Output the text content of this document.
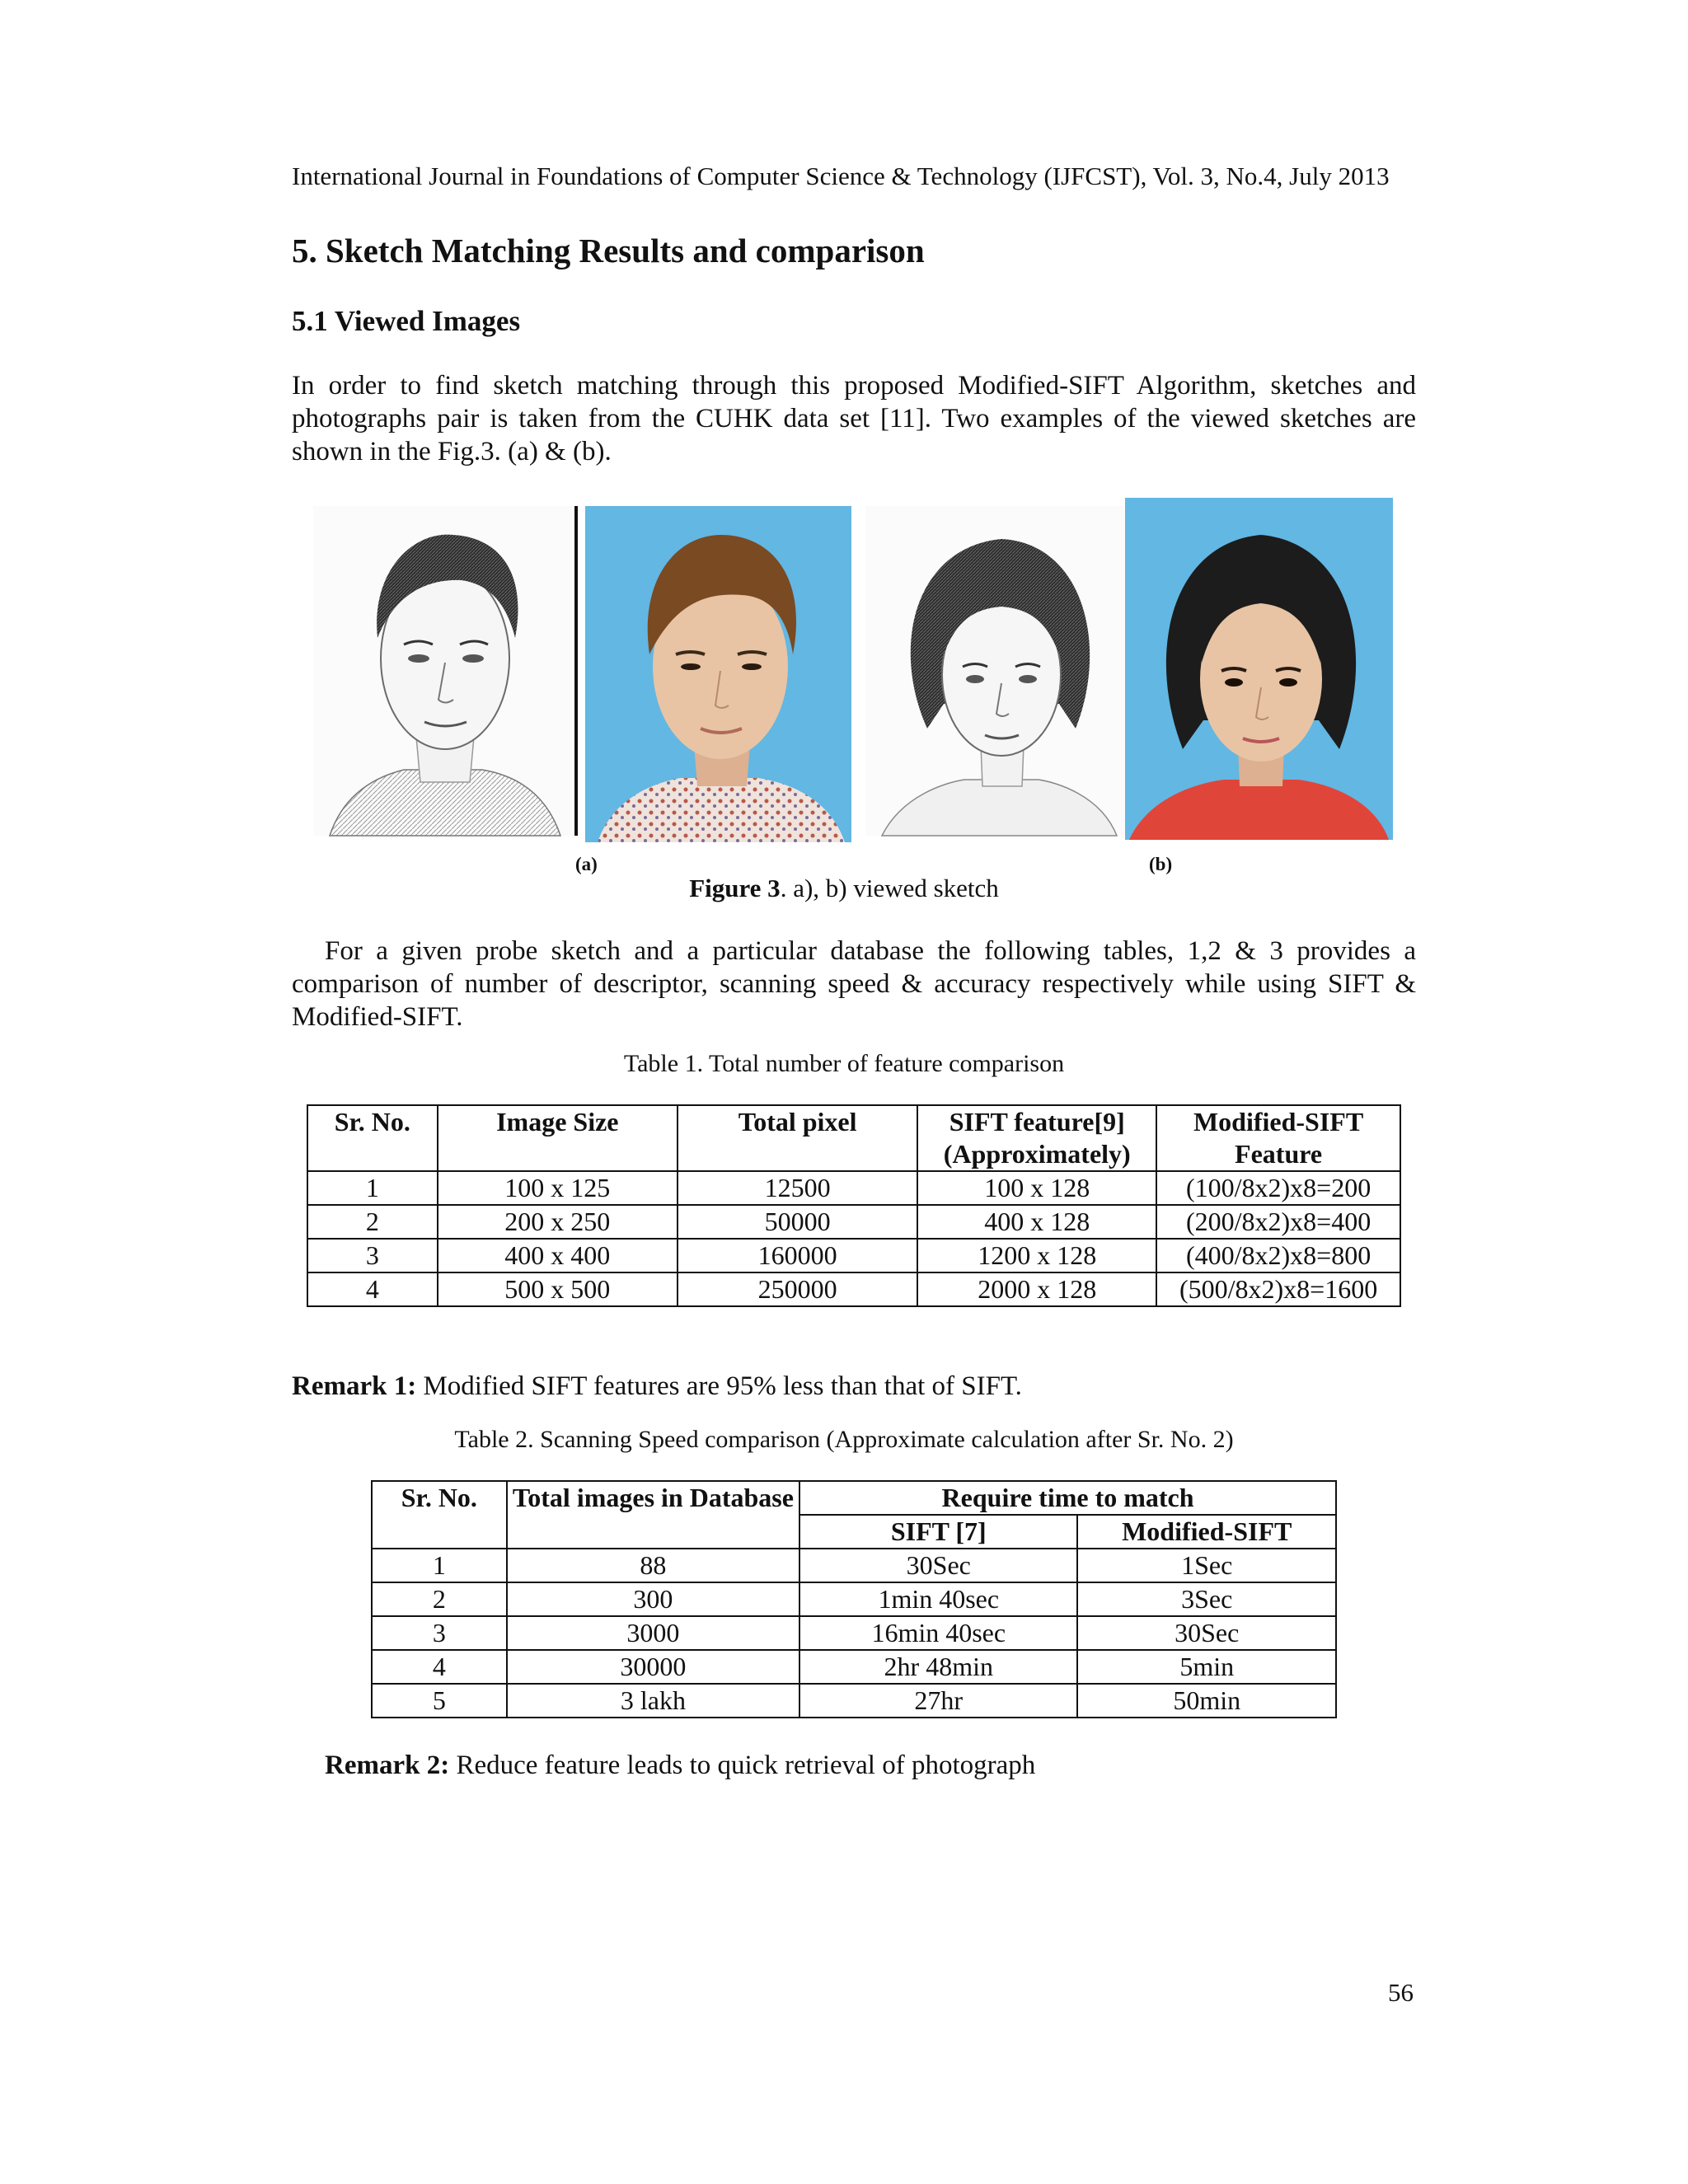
International Journal in Foundations of Computer Science & Technology (IJFCST), Vol. 3, No.4, July 2013
5. Sketch Matching Results and comparison
5.1 Viewed Images

In order to find sketch matching through this proposed Modified-SIFT Algorithm, sketches and photographs pair is taken from the CUHK data set [11]. Two examples of the viewed sketches are shown in the Fig.3. (a) & (b).

(a)	(b)
Figure 3. a), b) viewed sketch

For a given probe sketch and a particular database the following tables, 1,2 & 3 provides a comparison of number of descriptor, scanning speed & accuracy respectively while using SIFT & Modified-SIFT.

Table 1. Total number of feature comparison
Sr. No.	Image Size	Total pixel	SIFT feature[9] (Approximately)	Modified-SIFT Feature
1	100 x 125	12500	100 x 128	(100/8x2)x8=200
2	200 x 250	50000	400 x 128	(200/8x2)x8=400
3	400 x 400	160000	1200 x 128	(400/8x2)x8=800
4	500 x 500	250000	2000 x 128	(500/8x2)x8=1600
Remark 1: Modified SIFT features are 95% less than that of SIFT.
Table 2. Scanning Speed comparison (Approximate calculation after Sr. No. 2)
Sr. No.	Total images in Database	Require time to match	
		SIFT [7]	Modified-SIFT
1	88	30Sec	1Sec
2	300	1min 40sec	3Sec
3	3000	16min 40sec	30Sec
4	30000	2hr 48min	5min
5	3 lakh	27hr	50min
Remark 2: Reduce feature leads to quick retrieval of photograph
56
